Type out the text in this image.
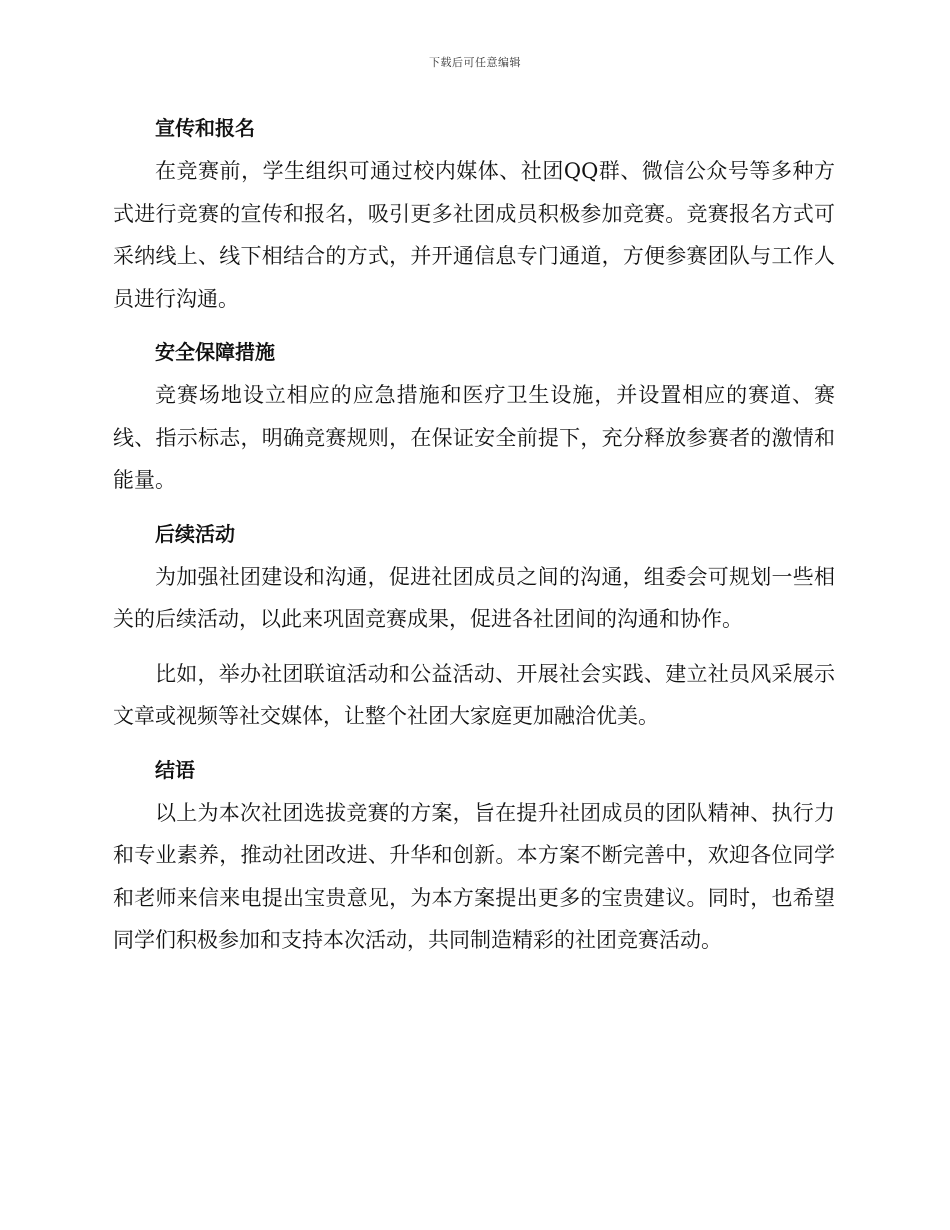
下载后可任意编辑
宣传和报名

在竞赛前，学生组织可通过校内媒体、社团QQ群、微信公众号等多种方式进行竞赛的宣传和报名，吸引更多社团成员积极参加竞赛。竞赛报名方式可采纳线上、线下相结合的方式，并开通信息专门通道，方便参赛团队与工作人员进行沟通。

安全保障措施

竞赛场地设立相应的应急措施和医疗卫生设施，并设置相应的赛道、赛线、指示标志，明确竞赛规则，在保证安全前提下，充分释放参赛者的激情和能量。

后续活动

为加强社团建设和沟通，促进社团成员之间的沟通，组委会可规划一些相关的后续活动，以此来巩固竞赛成果，促进各社团间的沟通和协作。

比如，举办社团联谊活动和公益活动、开展社会实践、建立社员风采展示文章或视频等社交媒体，让整个社团大家庭更加融洽优美。

结语

以上为本次社团选拔竞赛的方案，旨在提升社团成员的团队精神、执行力和专业素养，推动社团改进、升华和创新。本方案不断完善中，欢迎各位同学和老师来信来电提出宝贵意见，为本方案提出更多的宝贵建议。同时，也希望同学们积极参加和支持本次活动，共同制造精彩的社团竞赛活动。
